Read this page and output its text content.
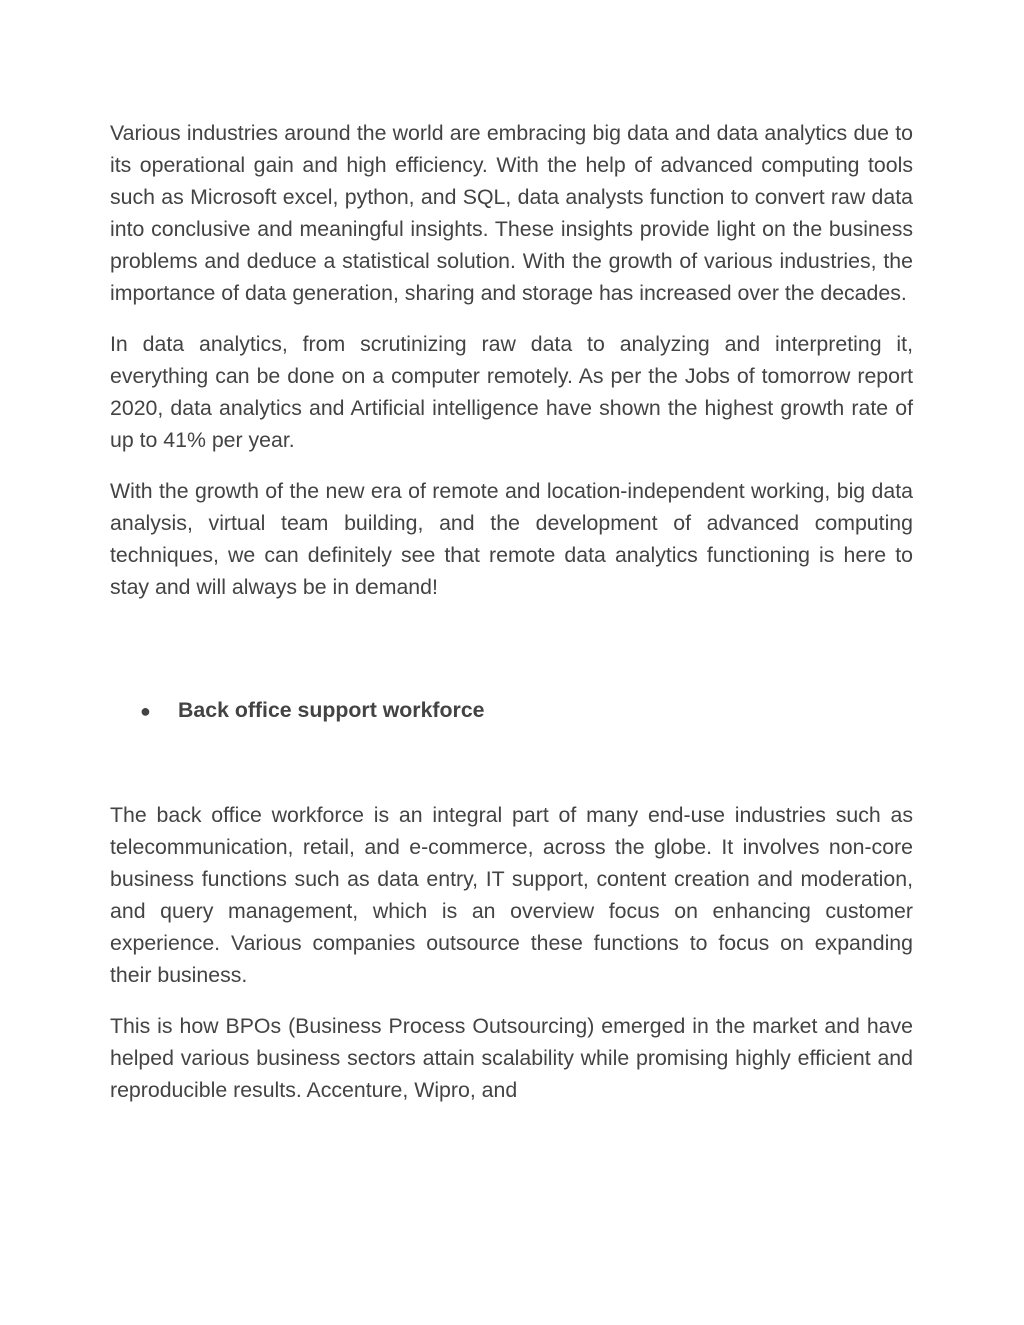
Various industries around the world are embracing big data and data analytics due to its operational gain and high efficiency. With the help of advanced computing tools such as Microsoft excel, python, and SQL, data analysts function to convert raw data into conclusive and meaningful insights. These insights provide light on the business problems and deduce a statistical solution. With the growth of various industries, the importance of data generation, sharing and storage has increased over the decades.

In data analytics, from scrutinizing raw data to analyzing and interpreting it, everything can be done on a computer remotely. As per the Jobs of tomorrow report 2020, data analytics and Artificial intelligence have shown the highest growth rate of up to 41% per year.

With the growth of the new era of remote and location-independent working, big data analysis, virtual team building, and the development of advanced computing techniques, we can definitely see that remote data analytics functioning is here to stay and will always be in demand!

●	Back office support workforce

The back office workforce is an integral part of many end-use industries such as telecommunication, retail, and e-commerce, across the globe. It involves non-core business functions such as data entry, IT support, content creation and moderation, and query management, which is an overview focus on enhancing customer experience. Various companies outsource these functions to focus on expanding their business.

This is how BPOs (Business Process Outsourcing) emerged in the market and have helped various business sectors attain scalability while promising highly efficient and reproducible results. Accenture, Wipro, and
